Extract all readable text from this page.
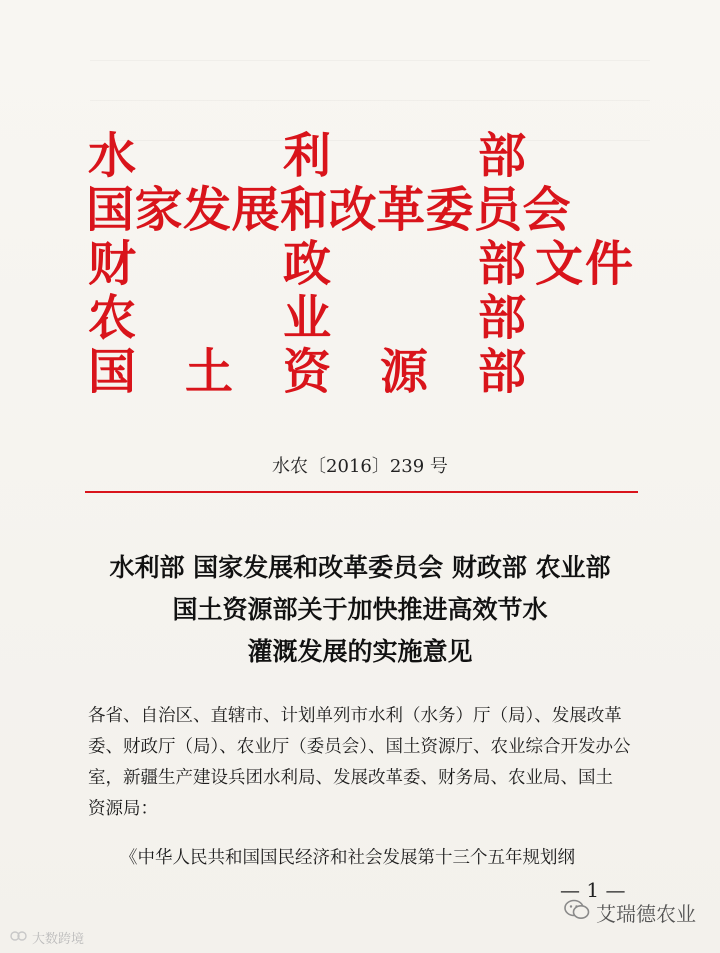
水	利	部
国家发展和改革委员会
财	政	部 文件
农	业	部
国 土 资 源 部
水农〔2016〕239 号
水利部 国家发展和改革委员会 财政部 农业部
国土资源部关于加快推进高效节水
灌溉发展的实施意见
各省、自治区、直辖市、计划单列市水利（水务）厅（局）、发展改革
委、财政厅（局）、农业厅（委员会）、国土资源厅、农业综合开发办公
室，新疆生产建设兵团水利局、发展改革委、财务局、农业局、国土
资源局：
《中华人民共和国国民经济和社会发展第十三个五年规划纲
— 1 —
艾瑞德农业
大数跨境
